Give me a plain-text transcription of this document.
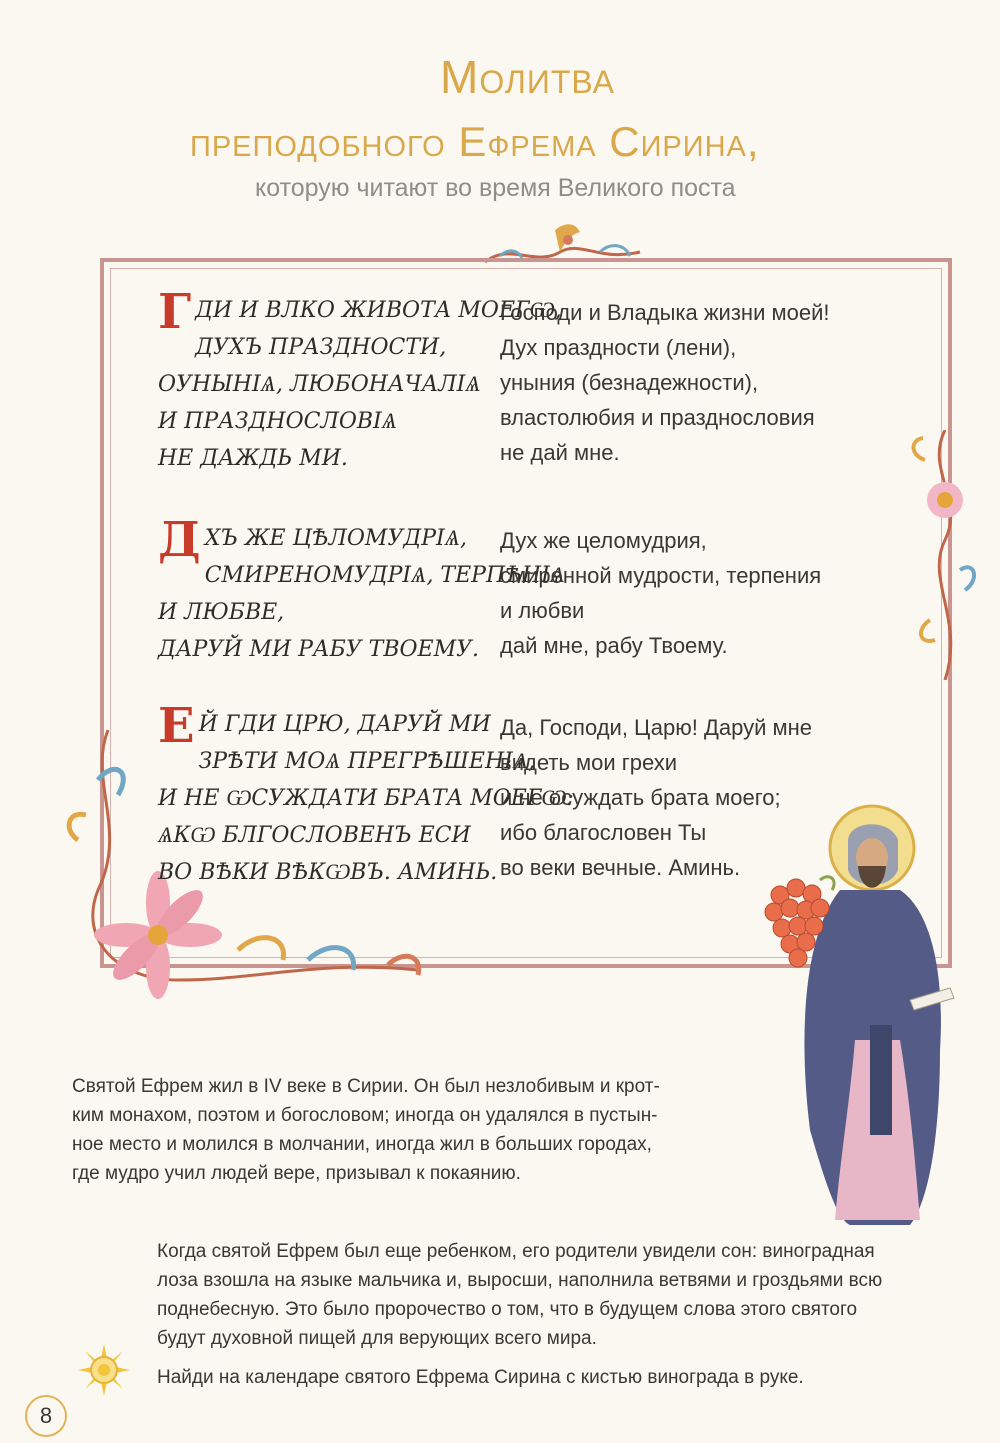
Молитва
преподобного Ефрема Сирина,
которую читают во время Великого поста
Г ДИ И ВЛКО ЖИВОТА МОЕГѠ,
ДУХЪ ПРАЗДНОСТИ,
ОУНЫНІѦ, ЛЮБОНАЧАЛІѦ
И ПРАЗДНОСЛОВІѦ
НЕ ДАЖДЬ МИ.
Господи и Владыка жизни моей!
Дух праздности (лени),
уныния (безнадежности),
властолюбия и празднословия
не дай мне.
Д ХЪ ЖЕ ЦѢЛОМУДРІѦ,
СМИРЕНОМУДРІѦ, ТЕРПѢНІѦ
И ЛЮБВЕ,
ДАРУЙ МИ РАБУ ТВОЕМУ.
Дух же целомудрия,
смиренной мудрости, терпения
и любви
дай мне, рабу Твоему.
Е Й ГДИ ЦРЮ, ДАРУЙ МИ
ЗРѢТИ МОѦ ПРЕГРѢШЕНІѦ,
И НЕ ѠСУЖДАТИ БРАТА МОЕГѠ:
ѦКѠ БЛГОСЛОВЕНЪ ЕСИ
ВО ВѢКИ ВѢКѠВЪ. АМИНЬ.
Да, Господи, Царю! Даруй мне
видеть мои грехи
и не осуждать брата моего;
ибо благословен Ты
во веки вечные. Аминь.
Святой Ефрем жил в IV веке в Сирии. Он был незлобивым и крот-
ким монахом, поэтом и богословом; иногда он удалялся в пустын-
ное место и молился в молчании, иногда жил в больших городах,
где мудро учил людей вере, призывал к покаянию.
Когда святой Ефрем был еще ребенком, его родители увидели сон: виноградная
лоза взошла на языке мальчика и, выросши, наполнила ветвями и гроздьями всю
поднебесную. Это было пророчество о том, что в будущем слова этого святого
будут духовной пищей для верующих всего мира.
Найди на календаре святого Ефрема Сирина с кистью винограда в руке.
8
